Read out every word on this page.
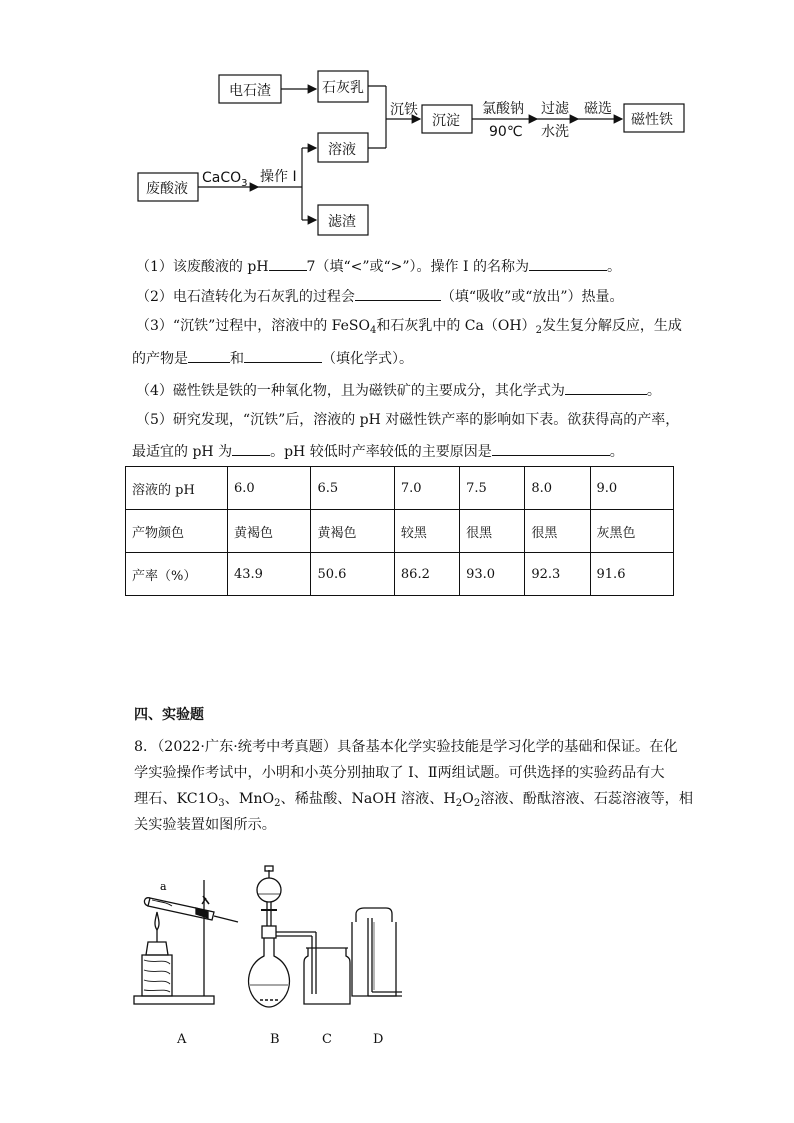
电石渣	石灰乳
沉淀	磁性铁
溶液
废酸液
滤渣
沉铁	氯酸钠
90℃
过滤
水洗
磁选
CaCO$_3$ 操作 I
（1）该废酸液的 pH	7（填“<”或“>”）。操作 I 的名称为	。
（2）电石渣转化为石灰乳的过程会	（填“吸收”或“放出”）热量。
（3）“沉铁”过程中，溶液中的 FeSO$_4$和石灰乳中的 $Ca(OH)_2$发生复分解反应，生成
的产物是	和	（填化学式）。
（4）磁性铁是铁的一种氧化物，且为磁铁矿的主要成分，其化学式为	。
（5）研究发现，“沉铁”后，溶液的 pH 对磁性铁产率的影响如下表。欲获得高的产率，
最适宜的 pH 为	。pH 较低时产率较低的主要原因是	。
溶液的 pH	6.0	6.5	7.0	7.5	8.0	9.0
产物颜色	黄褐色	黄褐色	较黑	很黑	很黑	灰黑色
产率（%）	43.9	50.6	86.2	93.0	92.3	91.6
四、实验题
8．（2022·广东·统考中考真题）具备基本化学实验技能是学习化学的基础和保证。在化
学实验操作考试中，小明和小英分别抽取了 I、Ⅱ两组试题。可供选择的实验药品有大
理石、$KC1O_3$、MnO$_2$、稀盐酸、NaOH 溶液、$H_2O_2$溶液、酚酞溶液、石蕊溶液等，相
关实验装置如图所示。
a
A	B	C	D
